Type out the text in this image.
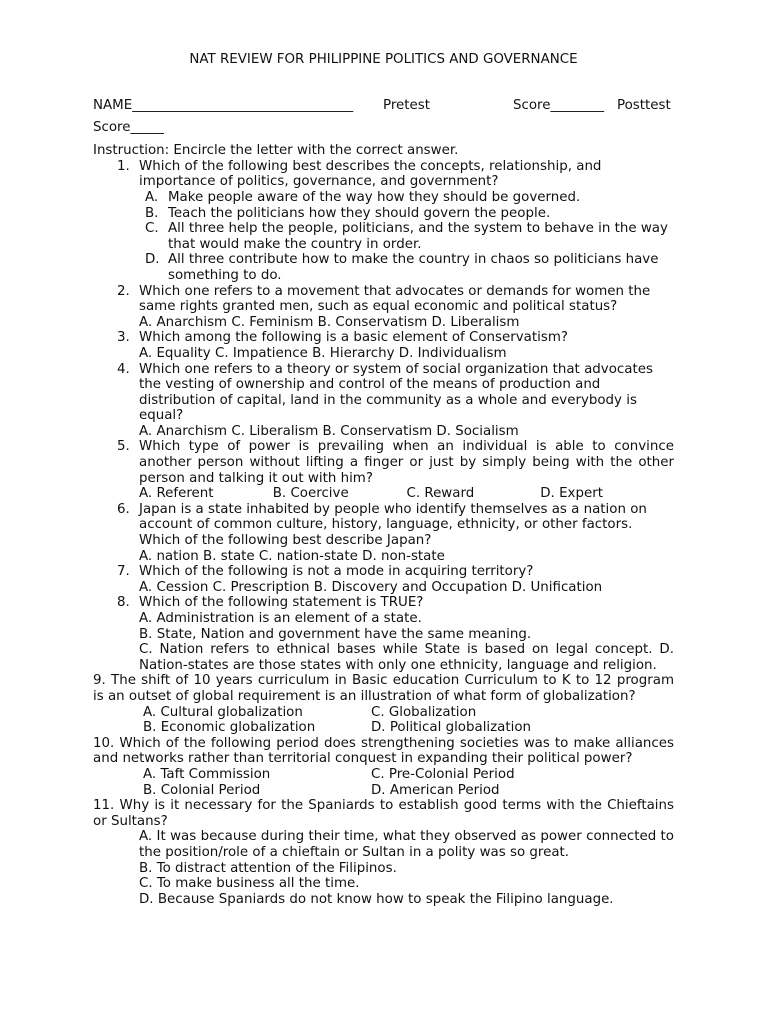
NAT REVIEW FOR PHILIPPINE POLITICS AND GOVERNANCE
NAME_________________________________ Pretest	Score________ Posttest
Score_____
Instruction: Encircle the letter with the correct answer.
1. Which of the following best describes the concepts, relationship, and importance of politics, governance, and government?
A. Make people aware of the way how they should be governed.
B. Teach the politicians how they should govern the people.
C. All three help the people, politicians, and the system to behave in the way that would make the country in order.
D. All three contribute how to make the country in chaos so politicians have something to do.
2. Which one refers to a movement that advocates or demands for women the same rights granted men, such as equal economic and political status?
A. Anarchism C. Feminism B. Conservatism D. Liberalism
3. Which among the following is a basic element of Conservatism?
A. Equality C. Impatience B. Hierarchy D. Individualism
4. Which one refers to a theory or system of social organization that advocates the vesting of ownership and control of the means of production and distribution of capital, land in the community as a whole and everybody is equal?
A. Anarchism C. Liberalism B. Conservatism D. Socialism
5. Which type of power is prevailing when an individual is able to convince another person without lifting a finger or just by simply being with the other person and talking it out with him?
A. Referent	B. Coercive	C. Reward	D. Expert
6. Japan is a state inhabited by people who identify themselves as a nation on account of common culture, history, language, ethnicity, or other factors. Which of the following best describe Japan?
A. nation B. state C. nation-state D. non-state
7. Which of the following is not a mode in acquiring territory?
A. Cession C. Prescription B. Discovery and Occupation D. Unification
8. Which of the following statement is TRUE?
A. Administration is an element of a state.
B. State, Nation and government have the same meaning.
C. Nation refers to ethnical bases while State is based on legal concept. D. Nation-states are those states with only one ethnicity, language and religion.
9. The shift of 10 years curriculum in Basic education Curriculum to K to 12 program is an outset of global requirement is an illustration of what form of globalization?
A. Cultural globalization	C. Globalization
B. Economic globalization	D. Political globalization
10. Which of the following period does strengthening societies was to make alliances and networks rather than territorial conquest in expanding their political power?
A. Taft Commission	C. Pre-Colonial Period
B. Colonial Period	D. American Period
11. Why is it necessary for the Spaniards to establish good terms with the Chieftains or Sultans?
A. It was because during their time, what they observed as power connected to the position/role of a chieftain or Sultan in a polity was so great.
B. To distract attention of the Filipinos.
C. To make business all the time.
D. Because Spaniards do not know how to speak the Filipino language.
